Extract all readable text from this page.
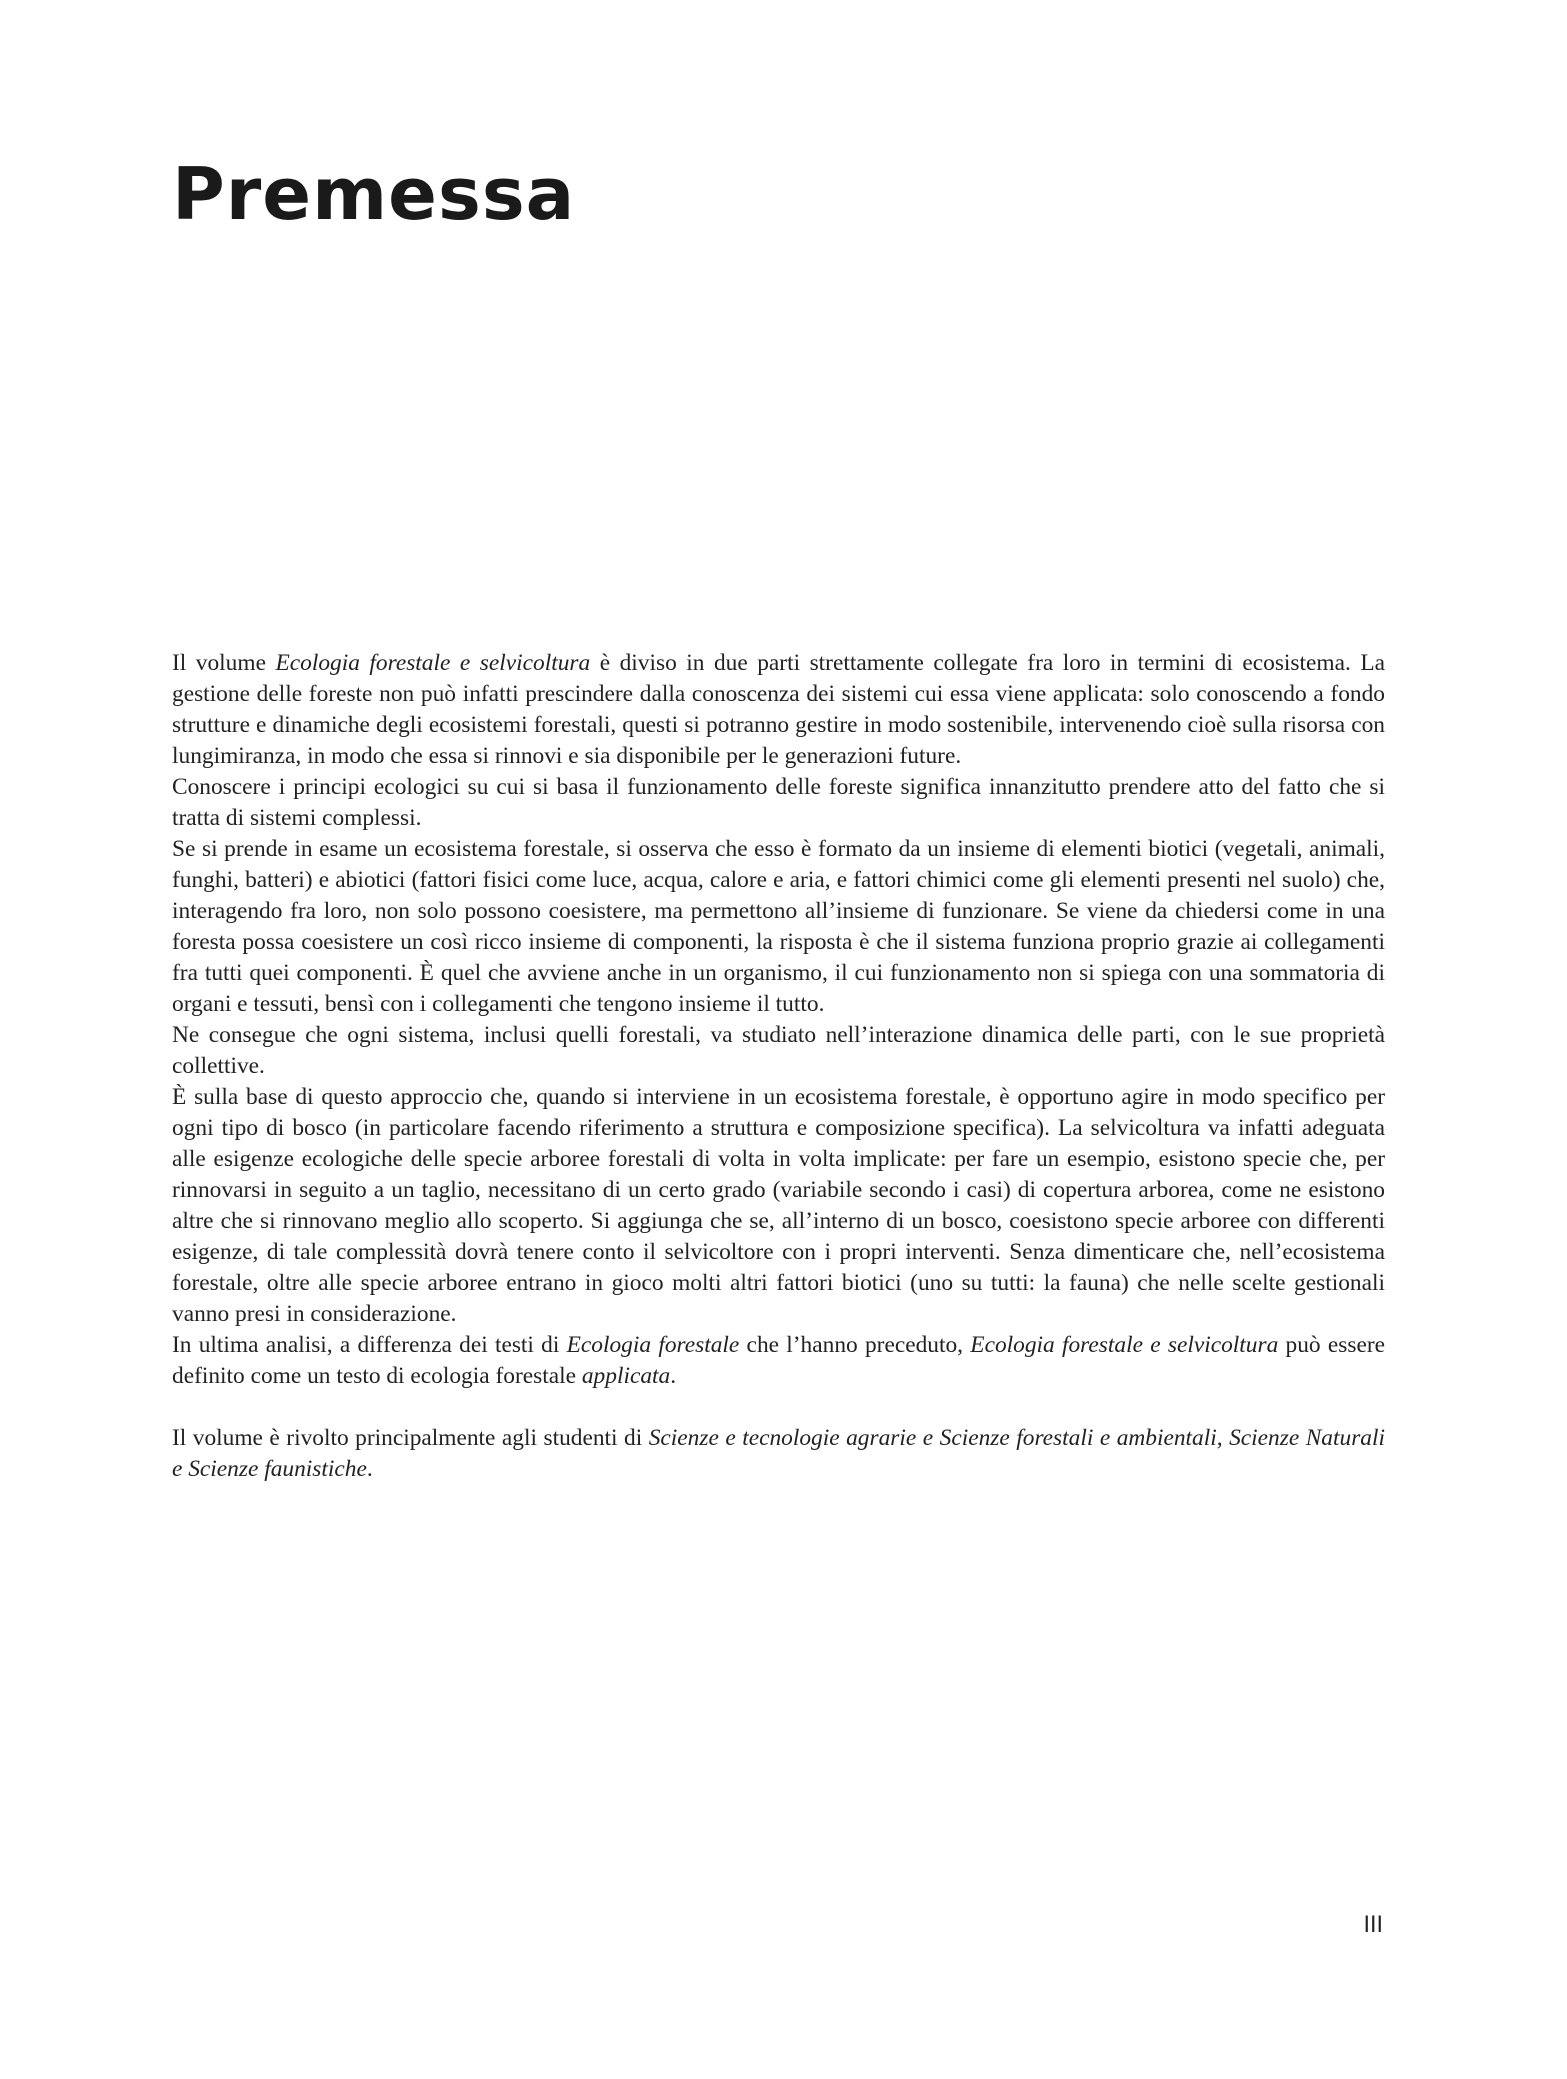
Premessa

Il volume Ecologia forestale e selvicoltura è diviso in due parti strettamente collegate fra loro in termini di ecosistema. La gestione delle foreste non può infatti prescindere dalla conoscenza dei sistemi cui essa viene applicata: solo conoscendo a fondo strutture e dinamiche degli ecosistemi forestali, questi si potranno gestire in modo sostenibile, intervenendo cioè sulla risorsa con lungimiranza, in modo che essa si rinnovi e sia disponibile per le generazioni future.

Conoscere i principi ecologici su cui si basa il funzionamento delle foreste significa innanzitutto prendere atto del fatto che si tratta di sistemi complessi.

Se si prende in esame un ecosistema forestale, si osserva che esso è formato da un insieme di elementi biotici (vegetali, animali, funghi, batteri) e abiotici (fattori fisici come luce, acqua, calore e aria, e fattori chimici come gli elementi presenti nel suolo) che, interagendo fra loro, non solo possono coesistere, ma permettono all’insieme di funzionare. Se viene da chiedersi come in una foresta possa coesistere un così ricco insieme di componenti, la risposta è che il sistema funziona proprio grazie ai collegamenti fra tutti quei componenti. È quel che avviene anche in un organismo, il cui funzionamento non si spiega con una sommatoria di organi e tessuti, bensì con i collegamenti che tengono insieme il tutto.

Ne consegue che ogni sistema, inclusi quelli forestali, va studiato nell’interazione dinamica delle parti, con le sue proprietà collettive.

È sulla base di questo approccio che, quando si interviene in un ecosistema forestale, è opportuno agire in modo specifico per ogni tipo di bosco (in particolare facendo riferimento a struttura e composizione specifica). La selvicoltura va infatti adeguata alle esigenze ecologiche delle specie arboree forestali di volta in volta implicate: per fare un esempio, esistono specie che, per rinnovarsi in seguito a un taglio, necessitano di un certo grado (variabile secondo i casi) di copertura arborea, come ne esistono altre che si rinnovano meglio allo scoperto. Si aggiunga che se, all’interno di un bosco, coesistono specie arboree con differenti esigenze, di tale complessità dovrà tenere conto il selvicoltore con i propri interventi. Senza dimenticare che, nell’ecosistema forestale, oltre alle specie arboree entrano in gioco molti altri fattori biotici (uno su tutti: la fauna) che nelle scelte gestionali vanno presi in considerazione.

In ultima analisi, a differenza dei testi di Ecologia forestale che l’hanno preceduto, Ecologia forestale e selvicoltura può essere definito come un testo di ecologia forestale applicata.

Il volume è rivolto principalmente agli studenti di Scienze e tecnologie agrarie e Scienze forestali e ambientali, Scienze Naturali e Scienze faunistiche.

III
